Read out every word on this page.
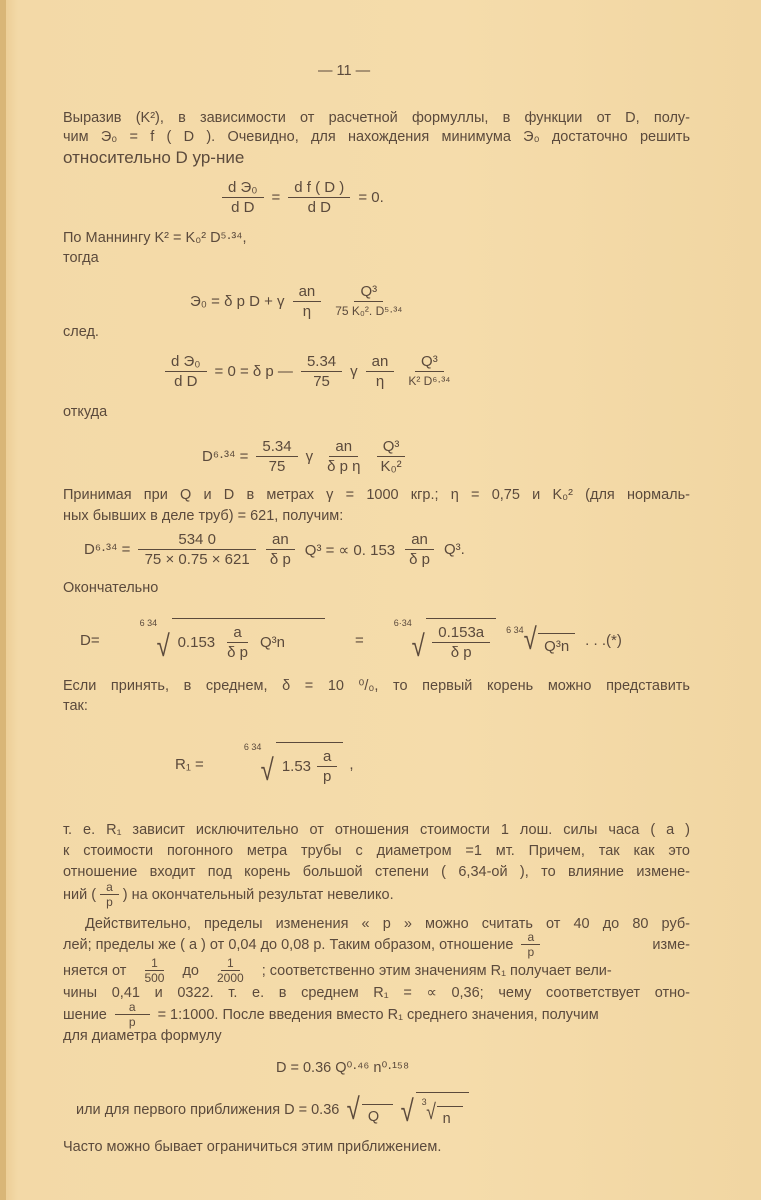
— 11 —
Выразив (K²), в зависимости от расчетной формуллы, в функции от D, полу-
чим Э₀ = f ( D ). Очевидно, для нахождения минимума Э₀ достаточно решить
относительно D ур-ние
d Э₀
d D
= $\frac{\text{d f ( D )}}{\text{d D}} = 0$.
По Маннингу K² = K₀² D⁵·³⁴,
тогда
Э₀ = δ p D + γ $\frac{an}{\eta}$	Q³
75 K₀². D⁵·³⁴
след.
d Э₀
d D
= 0 = δ p — $\frac{5.34}{75}$ γ $\frac{an}{\eta}$	Q³
K² D⁶·³⁴
откуда
$D^6\cdot^{34} = \frac{5.34}{75}$ γ $\frac{an}{\text{δ p η}} \frac{\text{Q³}}{\text{K₀²}}$
Принимая при Q и D в метрах γ = 1000 кгр.; η = 0,75 и K₀² (для нормаль-
ных бывших в деле труб) = 621, получим:
$D^6\cdot^{34} = \frac{534 0}{75 \times 0.75 \times 621} \frac{an}{\text{δ p}} Q^3$ = ∝ 0. $153 \frac{an}{\text{δ p}} Q^3$.
Окончательно
D=
6 34
√ $0.153 \frac{a}{\text{δ p}} Q^3n$	=
6·34
√ $\frac{0.153a}{\text{δ p}} 6$ 34 √ Q³n . . .(*)
Если принять, в среднем, δ = 10 ⁰/₀, то первый корень можно представить
так:
R₁ =
6 34
√ $1.53 \frac{a}{p}$ ,
т. е. R₁ зависит исключительно от отношения стоимости 1 лош. силы часа ( a )
к стоимости погонного метра трубы с диаметром =1 мт. Причем, так как это
отношение входит под корень большой степени ( 6,34-ой ), то влияние измене-
ний ( $\frac{a}{p}$ ) на окончательный результат невелико.
Действительно, пределы изменения « p » можно считать от 40 до 80 руб-
лей; пределы же ( a ) от 0,04 до 0,08 р. Таким образом, отношение $\frac{a}{p}$	изме-
няется от $\frac{1}{500}$ до $\frac{1}{2000}$ ; соответственно этим значениям R₁ получает вели-
чины 0,41 и 0322. т. е. в среднем R₁ = ∝ 0,36; чему соответствует отно-
шение $\frac{a}{p}$ = 1:1000. После введения вместо R₁ среднего значения, получим
для диаметра формулу
D = 0.36 Q⁰·⁴⁶ n⁰·¹⁵⁸
или для первого приближения D = 0.36 √ Q √ 3 √ n
Часто можно бывает ограничиться этим приближением.
